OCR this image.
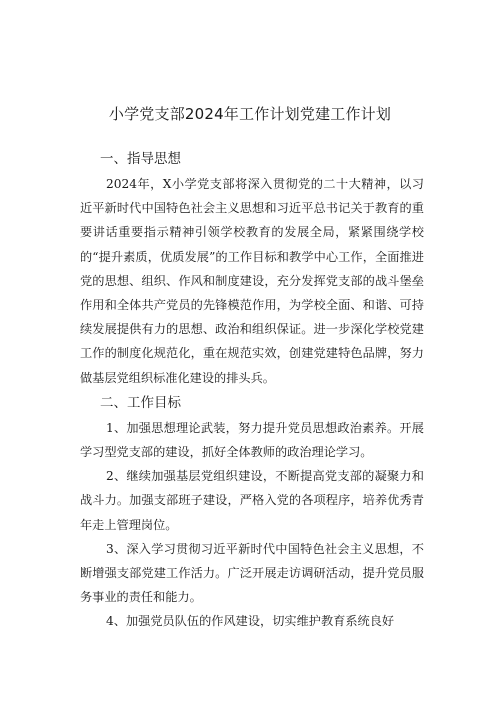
小学党支部2024年工作计划党建工作计划

一、指导思想

2024年，X小学党支部将深入贯彻党的二十大精神，以习近平新时代中国特色社会主义思想和习近平总书记关于教育的重要讲话重要指示精神引领学校教育的发展全局，紧紧围绕学校的“提升素质，优质发展”的工作目标和教学中心工作，全面推进党的思想、组织、作风和制度建设，充分发挥党支部的战斗堡垒作用和全体共产党员的先锋模范作用，为学校全面、和谐、可持续发展提供有力的思想、政治和组织保证。进一步深化学校党建工作的制度化规范化，重在规范实效，创建党建特色品牌，努力做基层党组织标准化建设的排头兵。

二、工作目标

1、加强思想理论武装，努力提升党员思想政治素养。开展学习型党支部的建设，抓好全体教师的政治理论学习。

2、继续加强基层党组织建设，不断提高党支部的凝聚力和战斗力。加强支部班子建设，严格入党的各项程序，培养优秀青年走上管理岗位。

3、深入学习贯彻习近平新时代中国特色社会主义思想，不断增强支部党建工作活力。广泛开展走访调研活动，提升党员服务事业的责任和能力。

4、加强党员队伍的作风建设，切实维护教育系统良好
